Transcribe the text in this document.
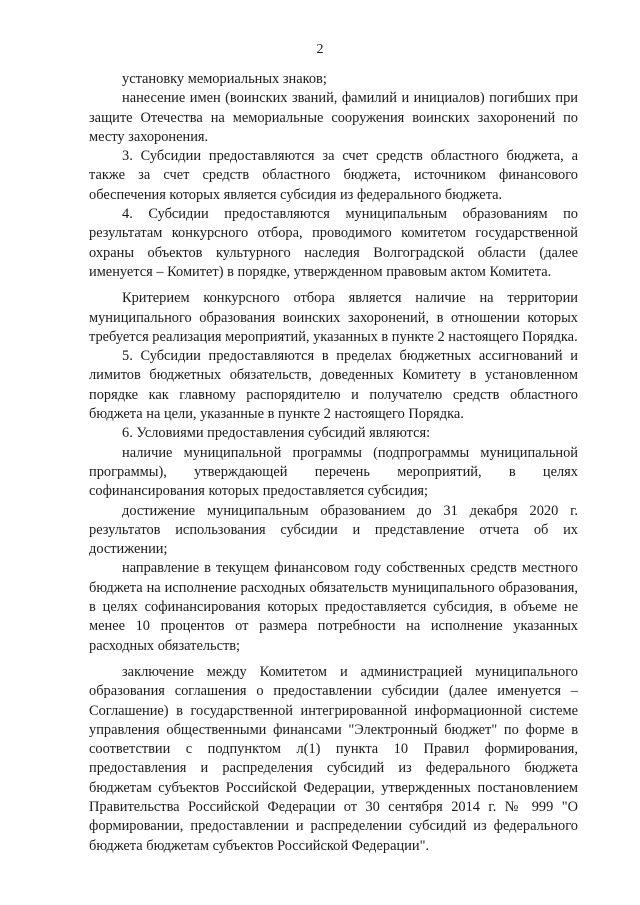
2

установку мемориальных знаков;

нанесение имен (воинских званий, фамилий и инициалов) погибших при защите Отечества на мемориальные сооружения воинских захоронений по месту захоронения.

3. Субсидии предоставляются за счет средств областного бюджета, а также за счет средств областного бюджета, источником финансового обеспечения которых является субсидия из федерального бюджета.

4. Субсидии предоставляются муниципальным образованиям по результатам конкурсного отбора, проводимого комитетом государственной охраны объектов культурного наследия Волгоградской области (далее именуется – Комитет) в порядке, утвержденном правовым актом Комитета.

Критерием конкурсного отбора является наличие на территории муниципального образования воинских захоронений, в отношении которых требуется реализация мероприятий, указанных в пункте 2 настоящего Порядка.

5. Субсидии предоставляются в пределах бюджетных ассигнований и лимитов бюджетных обязательств, доведенных Комитету в установленном порядке как главному распорядителю и получателю средств областного бюджета на цели, указанные в пункте 2 настоящего Порядка.

6. Условиями предоставления субсидий являются:

наличие муниципальной программы (подпрограммы муниципальной программы), утверждающей перечень мероприятий, в целях софинансирования которых предоставляется субсидия;

достижение муниципальным образованием до 31 декабря 2020 г. результатов использования субсидии и представление отчета об их достижении;

направление в текущем финансовом году собственных средств местного бюджета на исполнение расходных обязательств муниципального образования, в целях софинансирования которых предоставляется субсидия, в объеме не менее 10 процентов от размера потребности на исполнение указанных расходных обязательств;

заключение между Комитетом и администрацией муниципального образования соглашения о предоставлении субсидии (далее именуется – Соглашение) в государственной интегрированной информационной системе управления общественными финансами "Электронный бюджет" по форме в соответствии с подпунктом л(1) пункта 10 Правил формирования, предоставления и распределения субсидий из федерального бюджета бюджетам субъектов Российской Федерации, утвержденных постановлением Правительства Российской Федерации от 30 сентября 2014 г. № 999 "О формировании, предоставлении и распределении субсидий из федерального бюджета бюджетам субъектов Российской Федерации".
